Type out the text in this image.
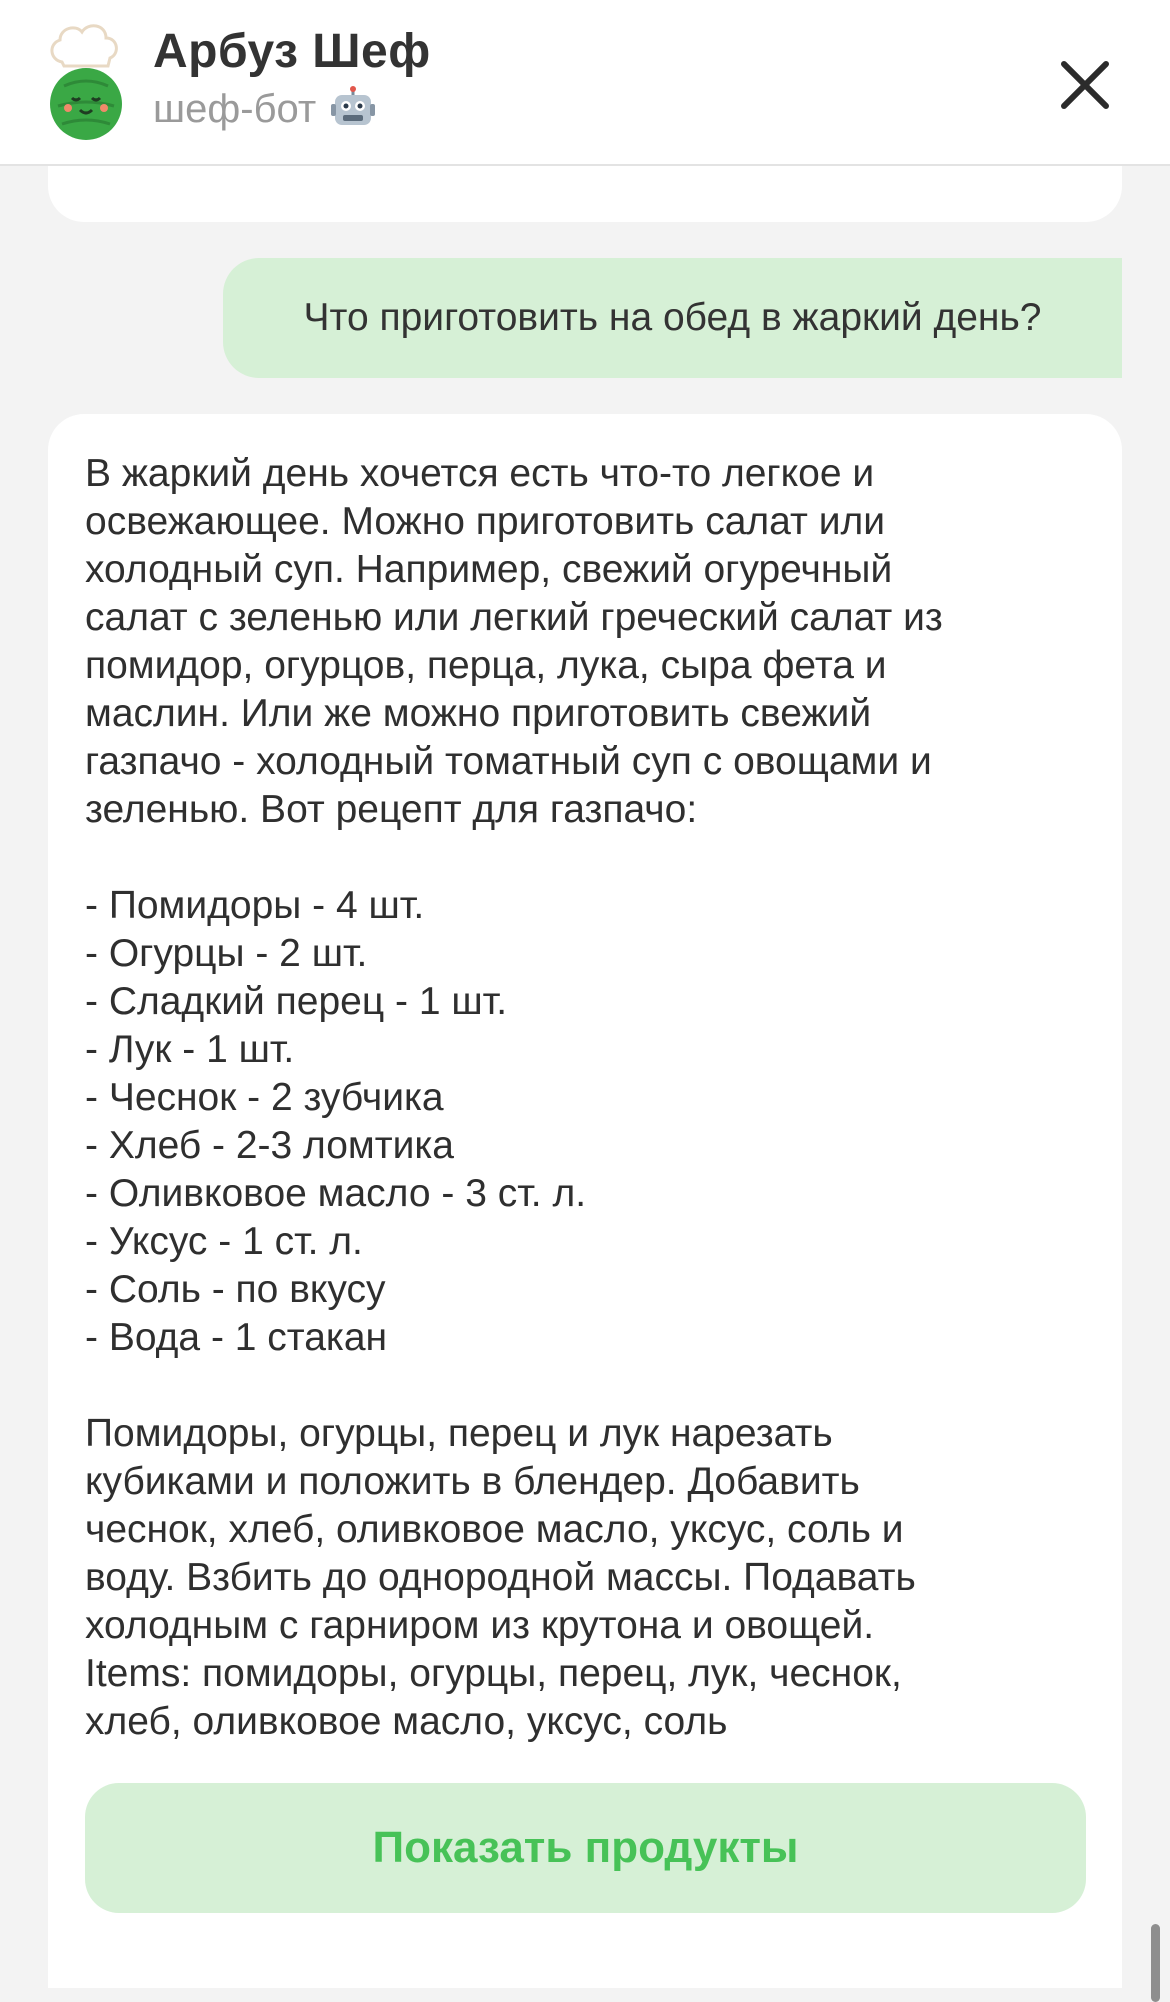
Арбуз Шеф
шеф-бот
Что приготовить на обед в жаркий день?

В жаркий день хочется есть что-то легкое и
освежающее. Можно приготовить салат или
холодный суп. Например, свежий огуречный
салат с зеленью или легкий греческий салат из
помидор, огурцов, перца, лука, сыра фета и
маслин. Или же можно приготовить свежий
газпачо - холодный томатный суп с овощами и
зеленью. Вот рецепт для газпачо:

- Помидоры - 4 шт.
- Огурцы - 2 шт.
- Сладкий перец - 1 шт.
- Лук - 1 шт.
- Чеснок - 2 зубчика
- Хлеб - 2-3 ломтика
- Оливковое масло - 3 ст. л.
- Уксус - 1 ст. л.
- Соль - по вкусу
- Вода - 1 стакан

Помидоры, огурцы, перец и лук нарезать
кубиками и положить в блендер. Добавить
чеснок, хлеб, оливковое масло, уксус, соль и
воду. Взбить до однородной массы. Подавать
холодным с гарниром из крутона и овощей.
Items: помидоры, огурцы, перец, лук, чеснок,
хлеб, оливковое масло, уксус, соль

Показать продукты
